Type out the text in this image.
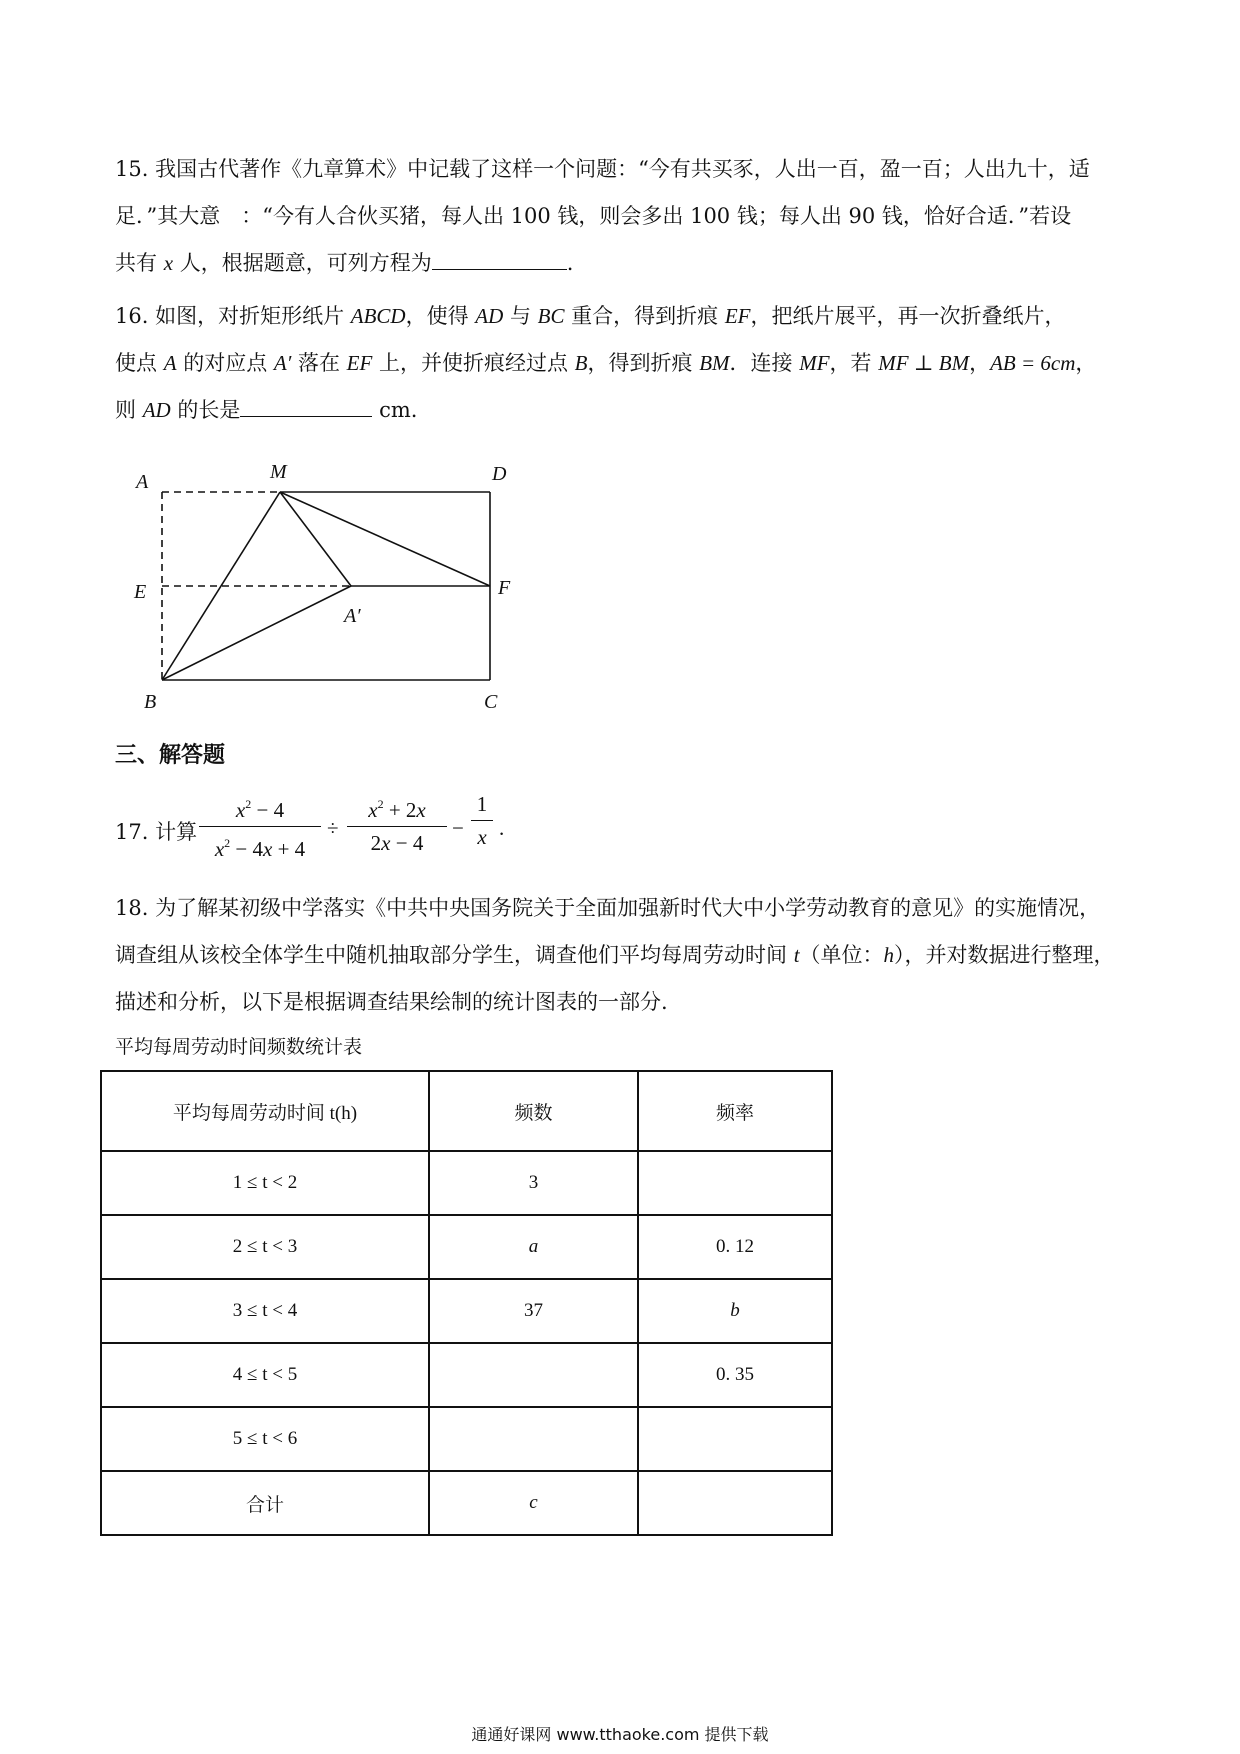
15. 我国古代著作《九章算术》中记载了这样一个问题：“今有共买豕，人出一百，盈一百；人出九十，适
足．”其大意　：“今有人合伙买猪，每人出 100 钱，则会多出 100 钱；每人出 90 钱，恰好合适．”若设
共有 x 人，根据题意，可列方程为	.
16. 如图，对折矩形纸片 ABCD，使得 AD 与 BC 重合，得到折痕 EF，把纸片展平，再一次折叠纸片，
使点 A 的对应点 A′ 落在 EF 上，并使折痕经过点 B，得到折痕 BM．连接 MF，若 MF ⊥ BM，AB = 6cm，
则 AD 的长是	cm.
A	M	D
E	F
A′
B	C
三、解答题
17. 计算
$x^2 - 4$
$x^2 - 4x + 4$
÷
$x^2 + 2x$
2x − 4
−
1
x .
18. 为了解某初级中学落实《中共中央国务院关于全面加强新时代大中小学劳动教育的意见》的实施情况，
调查组从该校全体学生中随机抽取部分学生，调查他们平均每周劳动时间 t（单位：h），并对数据进行整理，
描述和分析，以下是根据调查结果绘制的统计图表的一部分.
平均每周劳动时间频数统计表
平均每周劳动时间 t(h)	频数	频率
1 ≤ t < 2	3	
2 ≤ t < 3	a	0. 12
3 ≤ t < 4	37	b
4 ≤ t < 5		0. 35
5 ≤ t < 6		
合计	c	
通通好课网 www.tthaoke.com 提供下载
